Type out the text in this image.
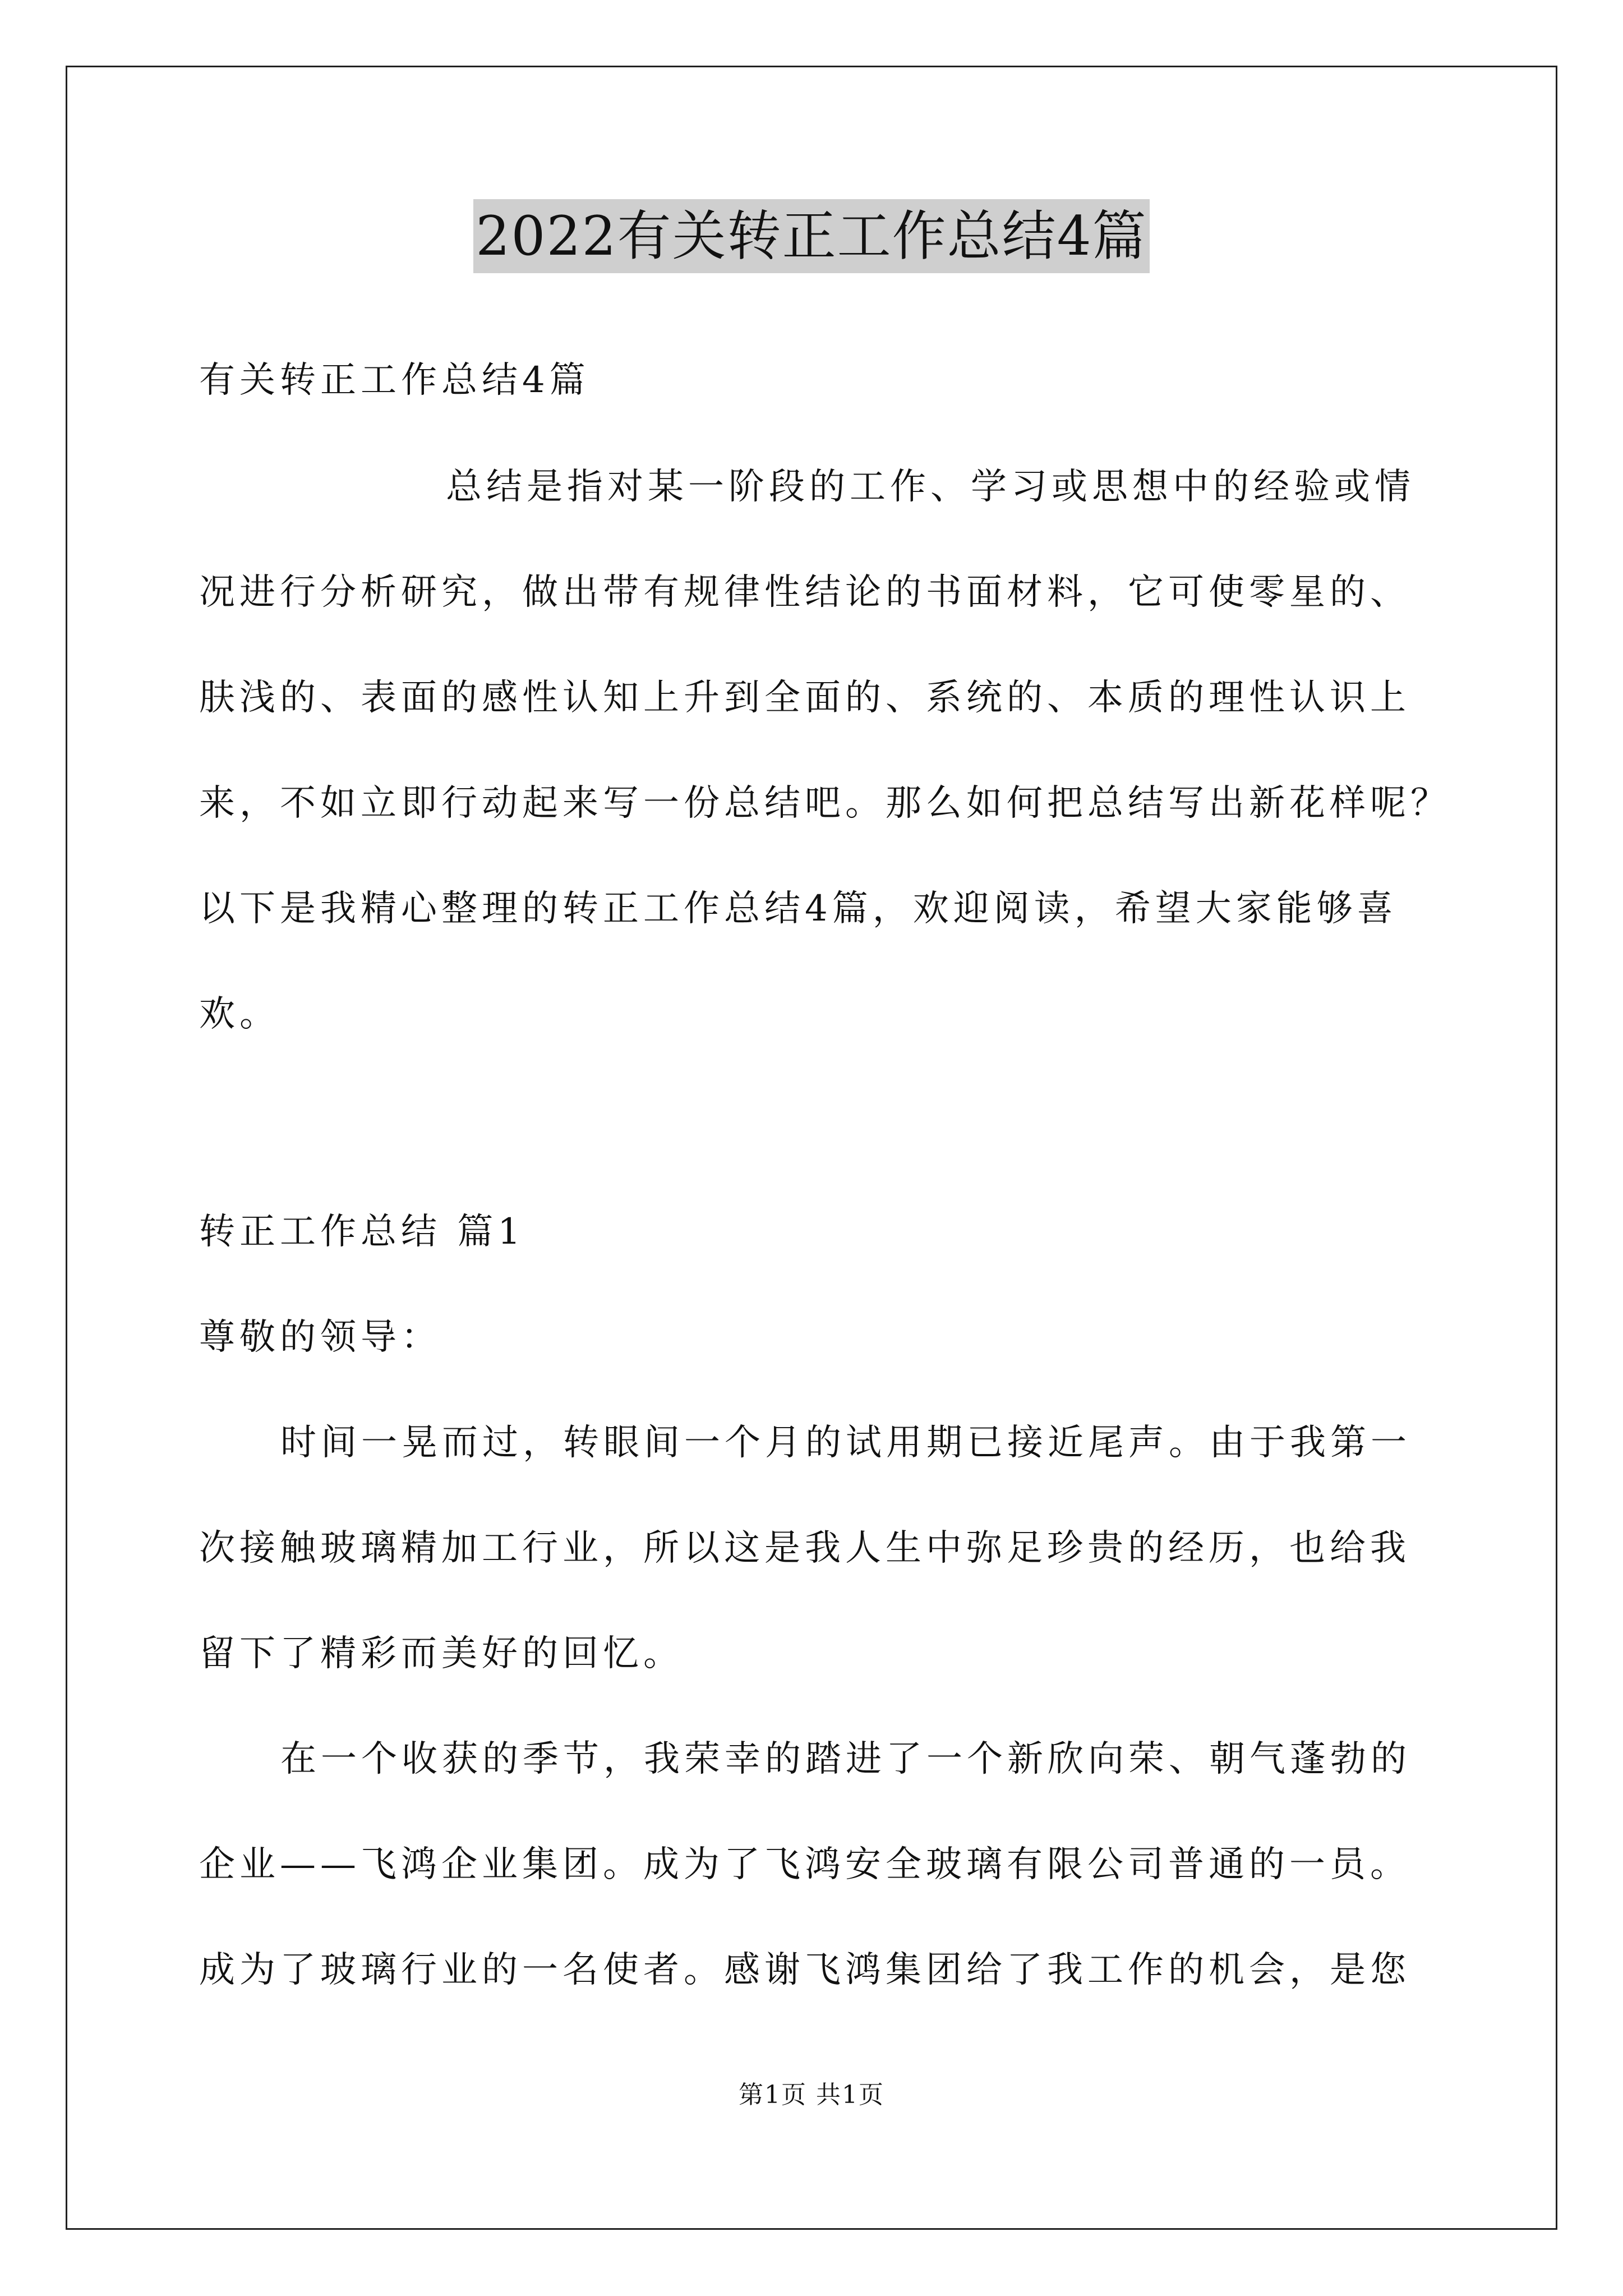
2022有关转正工作总结4篇
有关转正工作总结4篇
总结是指对某一阶段的工作、学习或思想中的经验或情
况进行分析研究，做出带有规律性结论的书面材料，它可使零星的、
肤浅的、表面的感性认知上升到全面的、系统的、本质的理性认识上
来，不如立即行动起来写一份总结吧。那么如何把总结写出新花样呢？
以下是我精心整理的转正工作总结4篇，欢迎阅读，希望大家能够喜
欢。
转正工作总结 篇1
尊敬的领导：
时间一晃而过，转眼间一个月的试用期已接近尾声。由于我第一
次接触玻璃精加工行业，所以这是我人生中弥足珍贵的经历，也给我
留下了精彩而美好的回忆。
在一个收获的季节，我荣幸的踏进了一个新欣向荣、朝气蓬勃的
企业——飞鸿企业集团。成为了飞鸿安全玻璃有限公司普通的一员。
成为了玻璃行业的一名使者。感谢飞鸿集团给了我工作的机会，是您
第1页 共1页
